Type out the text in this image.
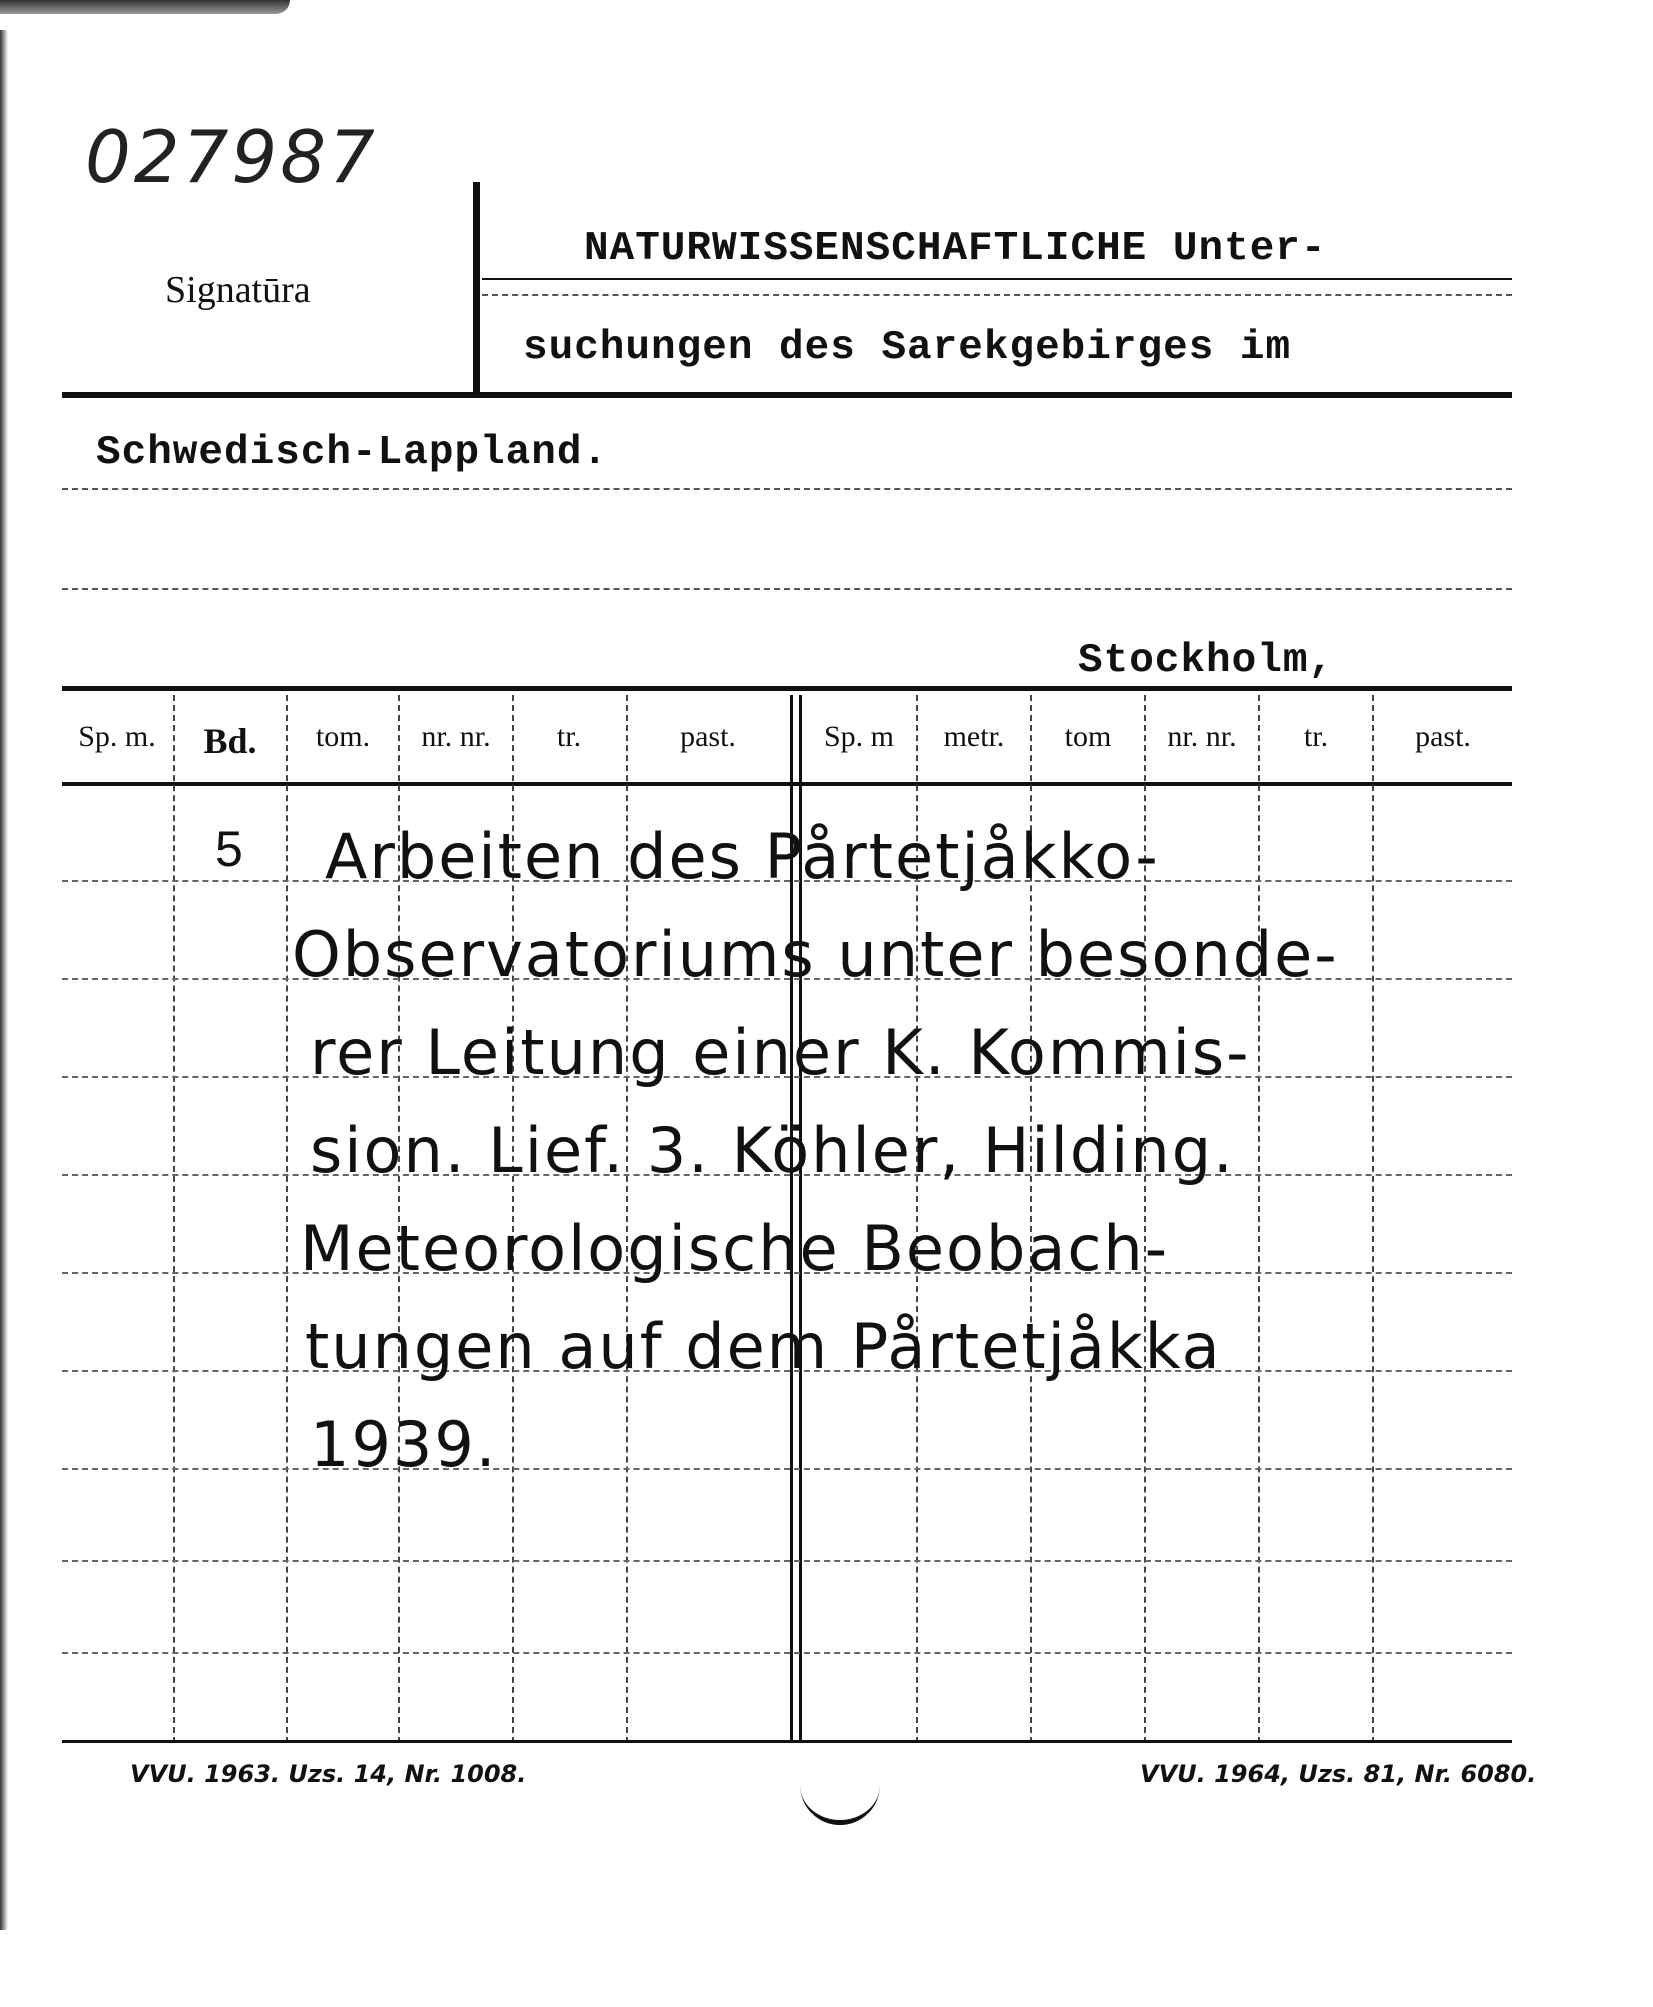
027987
Signatūra
NATURWISSENSCHAFTLICHE Unter-
suchungen des Sarekgebirges im
Schwedisch-Lappland.
Stockholm,
Sp. m.	Bd.	tom.	nr. nr.	tr.	past.	Sp. m	metr.	tom	nr. nr.	tr.	past.
5 Arbeiten des Pårtetjåkko-
Observatoriums unter besonde-
rer Leitung einer K. Kommis-
sion. Lief. 3. Köhler, Hilding.
Meteorologische Beobach-
tungen auf dem Pårtetjåkka
1939.
VVU. 1963. Uzs. 14, Nr. 1008.	VVU. 1964, Uzs. 81, Nr. 6080.
